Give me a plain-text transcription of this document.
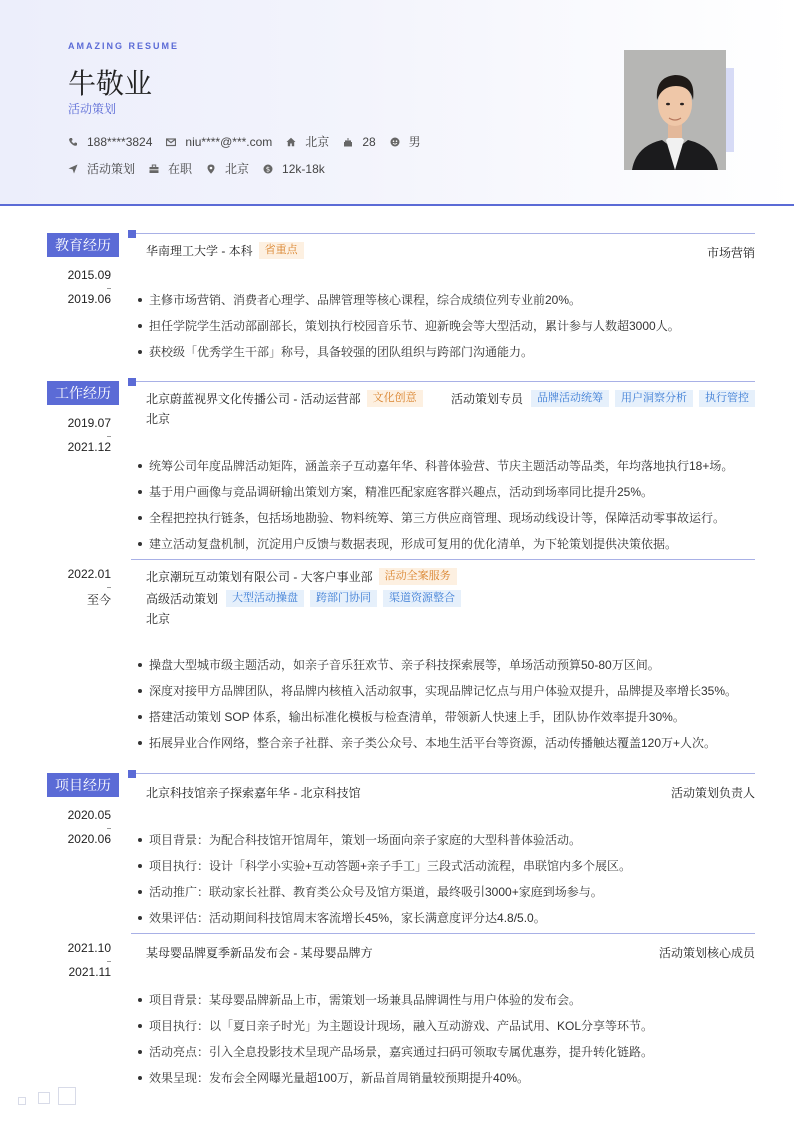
AMAZING RESUME
牛敬业
活动策划
188****3824	niu****@***.com	北京	28	男
活动策划	在职	北京 $ 12k-18k
教育经历
2015.09
2019.06
华南理工大学 - 本科	省重点	市场营销
主修市场营销、消费者心理学、品牌管理等核心课程，综合成绩位列专业前20%。
担任学院学生活动部副部长，策划执行校园音乐节、迎新晚会等大型活动，累计参与人数超3000人。
获校级「优秀学生干部」称号，具备较强的团队组织与跨部门沟通能力。
工作经历
2019.07
2021.12
北京蔚蓝视界文化传播公司 - 活动运营部	文化创意	活动策划专员	品牌活动统筹	用户洞察分析	执行管控
北京
统筹公司年度品牌活动矩阵，涵盖亲子互动嘉年华、科普体验营、节庆主题活动等品类，年均落地执行18+场。
基于用户画像与竞品调研输出策划方案，精准匹配家庭客群兴趣点，活动到场率同比提升25%。
全程把控执行链条，包括场地勘验、物料统筹、第三方供应商管理、现场动线设计等，保障活动零事故运行。
建立活动复盘机制，沉淀用户反馈与数据表现，形成可复用的优化清单，为下轮策划提供决策依据。
2022.01
至今
北京潮玩互动策划有限公司 - 大客户事业部	活动全案服务
高级活动策划	大型活动操盘	跨部门协同	渠道资源整合
北京
操盘大型城市级主题活动，如亲子音乐狂欢节、亲子科技探索展等，单场活动预算50-80万区间。
深度对接甲方品牌团队，将品牌内核植入活动叙事，实现品牌记忆点与用户体验双提升，品牌提及率增长35%。
搭建活动策划 SOP 体系，输出标准化模板与检查清单，带领新人快速上手，团队协作效率提升30%。
拓展异业合作网络，整合亲子社群、亲子类公众号、本地生活平台等资源，活动传播触达覆盖120万+人次。
项目经历
2020.05
2020.06
北京科技馆亲子探索嘉年华 - 北京科技馆	活动策划负责人
项目背景：为配合科技馆开馆周年，策划一场面向亲子家庭的大型科普体验活动。
项目执行：设计「科学小实验+互动答题+亲子手工」三段式活动流程，串联馆内多个展区。
活动推广：联动家长社群、教育类公众号及馆方渠道，最终吸引3000+家庭到场参与。
效果评估：活动期间科技馆周末客流增长45%，家长满意度评分达4.8/5.0。
2021.10
2021.11
某母婴品牌夏季新品发布会 - 某母婴品牌方	活动策划核心成员
项目背景：某母婴品牌新品上市，需策划一场兼具品牌调性与用户体验的发布会。
项目执行：以「夏日亲子时光」为主题设计现场，融入互动游戏、产品试用、KOL分享等环节。
活动亮点：引入全息投影技术呈现产品场景，嘉宾通过扫码可领取专属优惠券，提升转化链路。
效果呈现：发布会全网曝光量超100万，新品首周销量较预期提升40%。
